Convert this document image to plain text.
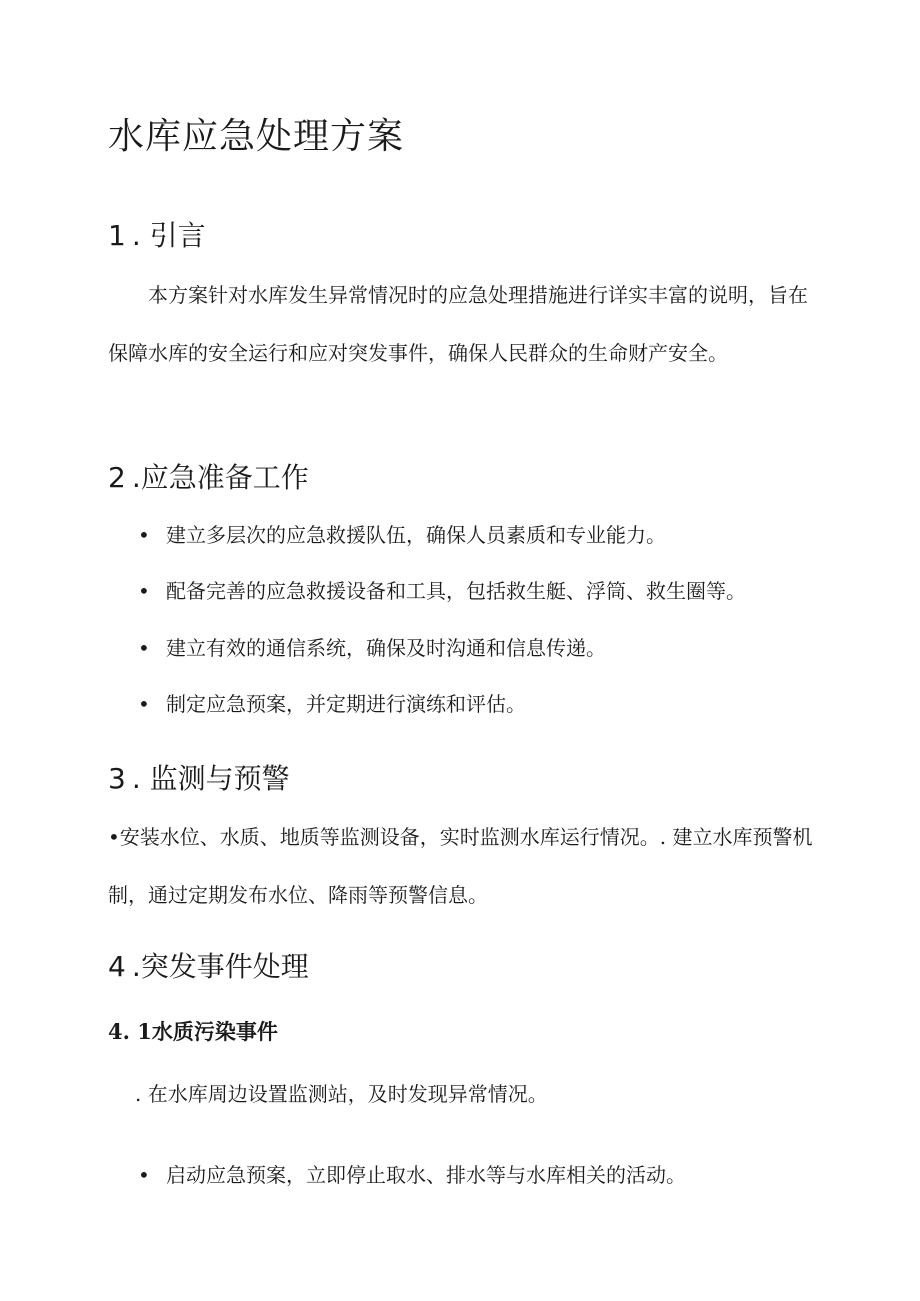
水库应急处理方案
1 . 引言

本方案针对水库发生异常情况时的应急处理措施进行详实丰富的说明，旨在保障水库的安全运行和应对突发事件，确保人民群众的生命财产安全。

2 .应急准备工作

• 建立多层次的应急救援队伍，确保人员素质和专业能力。

• 配备完善的应急救援设备和工具，包括救生艇、浮筒、救生圈等。

• 建立有效的通信系统，确保及时沟通和信息传递。

• 制定应急预案，并定期进行演练和评估。

3 . 监测与预警

•安装水位、水质、地质等监测设备，实时监测水库运行情况。. 建立水库预警机制，通过定期发布水位、降雨等预警信息。

4 .突发事件处理
4. 1水质污染事件

. 在水库周边设置监测站，及时发现异常情况。

• 启动应急预案，立即停止取水、排水等与水库相关的活动。
